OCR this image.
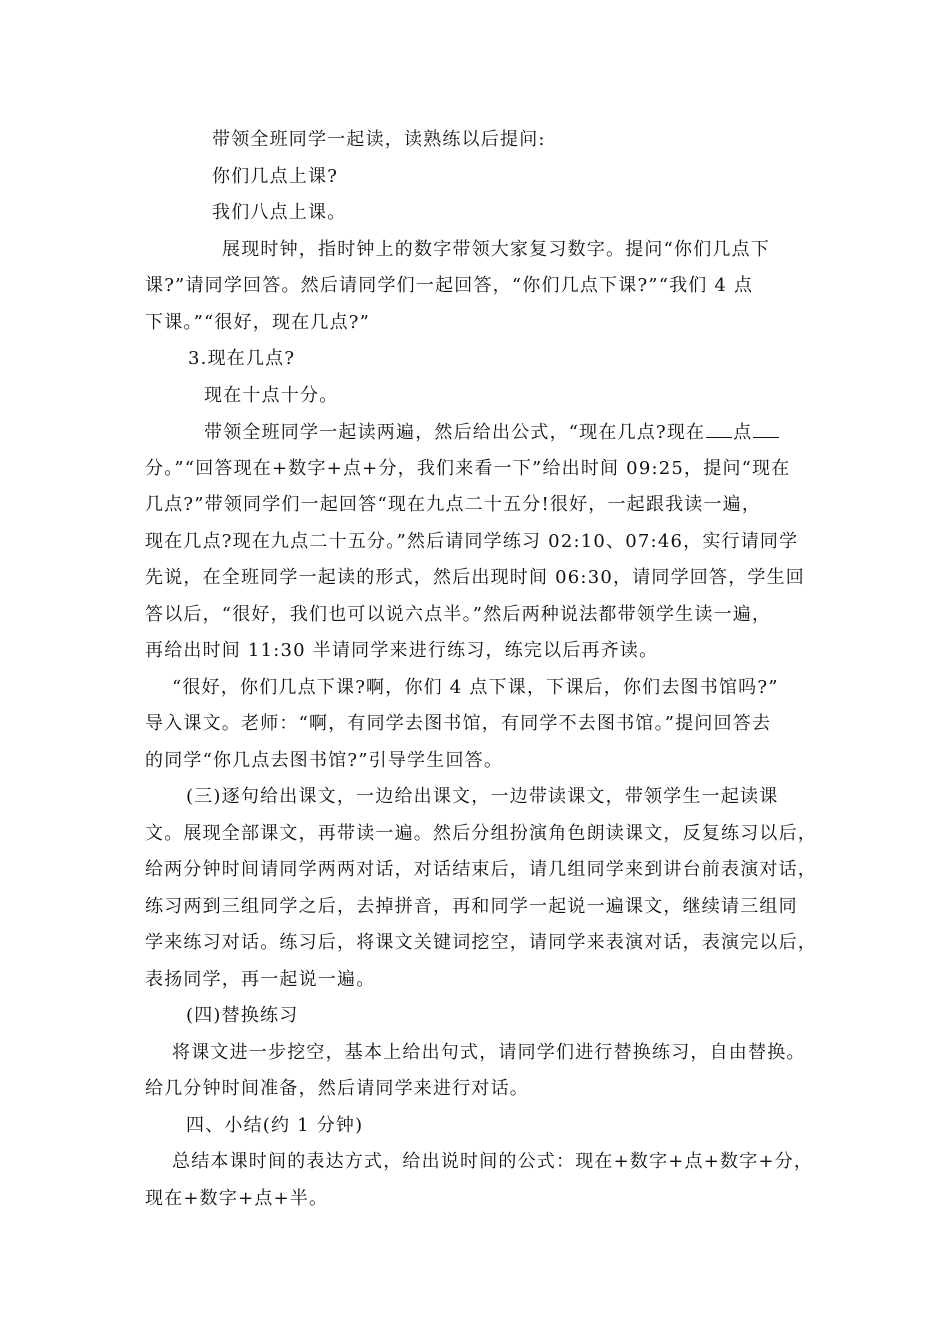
带领全班同学一起读，读熟练以后提问:
你们几点上课?
我们八点上课。
展现时钟，指时钟上的数字带领大家复习数字。提问“你们几点下
课?”请同学回答。然后请同学们一起回答，“你们几点下课?”“我们 4 点
下课。”“很好，现在几点?”
3.现在几点?
现在十点十分。
带领全班同学一起读两遍，然后给出公式，“现在几点?现在 点
分。”“回答现在+数字+点+分，我们来看一下”给出时间 09:25，提问“现在
几点?”带领同学们一起回答“现在九点二十五分!很好，一起跟我读一遍，
现在几点?现在九点二十五分。”然后请同学练习 02:10、07:46，实行请同学
先说，在全班同学一起读的形式，然后出现时间 06:30，请同学回答，学生回
答以后，“很好，我们也可以说六点半。”然后两种说法都带领学生读一遍，
再给出时间 11:30 半请同学来进行练习，练完以后再齐读。
“很好，你们几点下课?啊，你们 4 点下课，下课后，你们去图书馆吗?”
导入课文。老师：“啊，有同学去图书馆，有同学不去图书馆。”提问回答去
的同学“你几点去图书馆?”引导学生回答。
(三)逐句给出课文，一边给出课文，一边带读课文，带领学生一起读课
文。展现全部课文，再带读一遍。然后分组扮演角色朗读课文，反复练习以后，
给两分钟时间请同学两两对话，对话结束后，请几组同学来到讲台前表演对话，
练习两到三组同学之后，去掉拼音，再和同学一起说一遍课文，继续请三组同
学来练习对话。练习后，将课文关键词挖空，请同学来表演对话，表演完以后，
表扬同学，再一起说一遍。
(四)替换练习
将课文进一步挖空，基本上给出句式，请同学们进行替换练习，自由替换。
给几分钟时间准备，然后请同学来进行对话。
四、小结(约 1 分钟)
总结本课时间的表达方式，给出说时间的公式：现在+数字+点+数字+分，
现在+数字+点+半。
